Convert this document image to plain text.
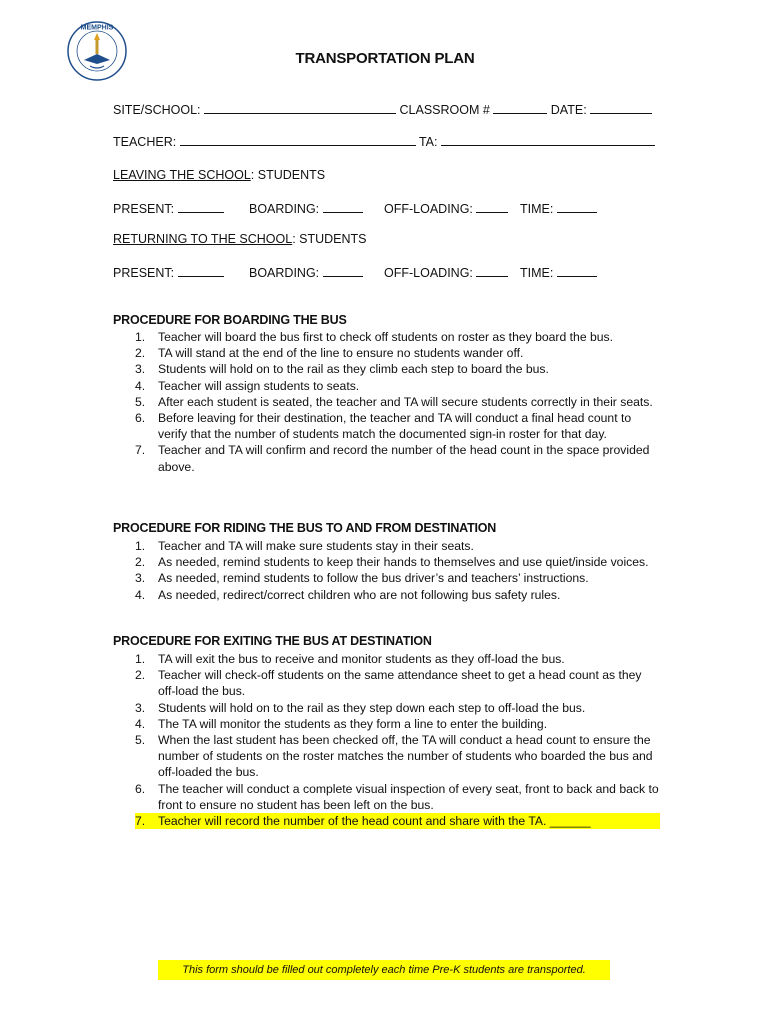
MEMPHIS
TRANSPORTATION PLAN
SITE/SCHOOL:	CLASSROOM #	DATE:
TEACHER:	TA:
LEAVING THE SCHOOL: STUDENTS
PRESENT:	BOARDING:	OFF-LOADING:	TIME:
RETURNING TO THE SCHOOL: STUDENTS
PRESENT:	BOARDING:	OFF-LOADING:	TIME:
PROCEDURE FOR BOARDING THE BUS
1. Teacher will board the bus first to check off students on roster as they board the bus.
2. TA will stand at the end of the line to ensure no students wander off.
3. Students will hold on to the rail as they climb each step to board the bus.
4. Teacher will assign students to seats.
5. After each student is seated, the teacher and TA will secure students correctly in their seats.
6. Before leaving for their destination, the teacher and TA will conduct a final head count to verify that the number of students match the documented sign-in roster for that day.
7. Teacher and TA will confirm and record the number of the head count in the space provided above.
PROCEDURE FOR RIDING THE BUS TO AND FROM DESTINATION
1. Teacher and TA will make sure students stay in their seats.
2. As needed, remind students to keep their hands to themselves and use quiet/inside voices.
3. As needed, remind students to follow the bus driver’s and teachers’ instructions.
4. As needed, redirect/correct children who are not following bus safety rules.
PROCEDURE FOR EXITING THE BUS AT DESTINATION
1. TA will exit the bus to receive and monitor students as they off-load the bus.
2. Teacher will check-off students on the same attendance sheet to get a head count as they off-load the bus.
3. Students will hold on to the rail as they step down each step to off-load the bus.
4. The TA will monitor the students as they form a line to enter the building.
5. When the last student has been checked off, the TA will conduct a head count to ensure the number of students on the roster matches the number of students who boarded the bus and off-loaded the bus.
6. The teacher will conduct a complete visual inspection of every seat, front to back and back to front to ensure no student has been left on the bus.
7. Teacher will record the number of the head count and share with the TA. ______
This form should be filled out completely each time Pre-K students are transported.
